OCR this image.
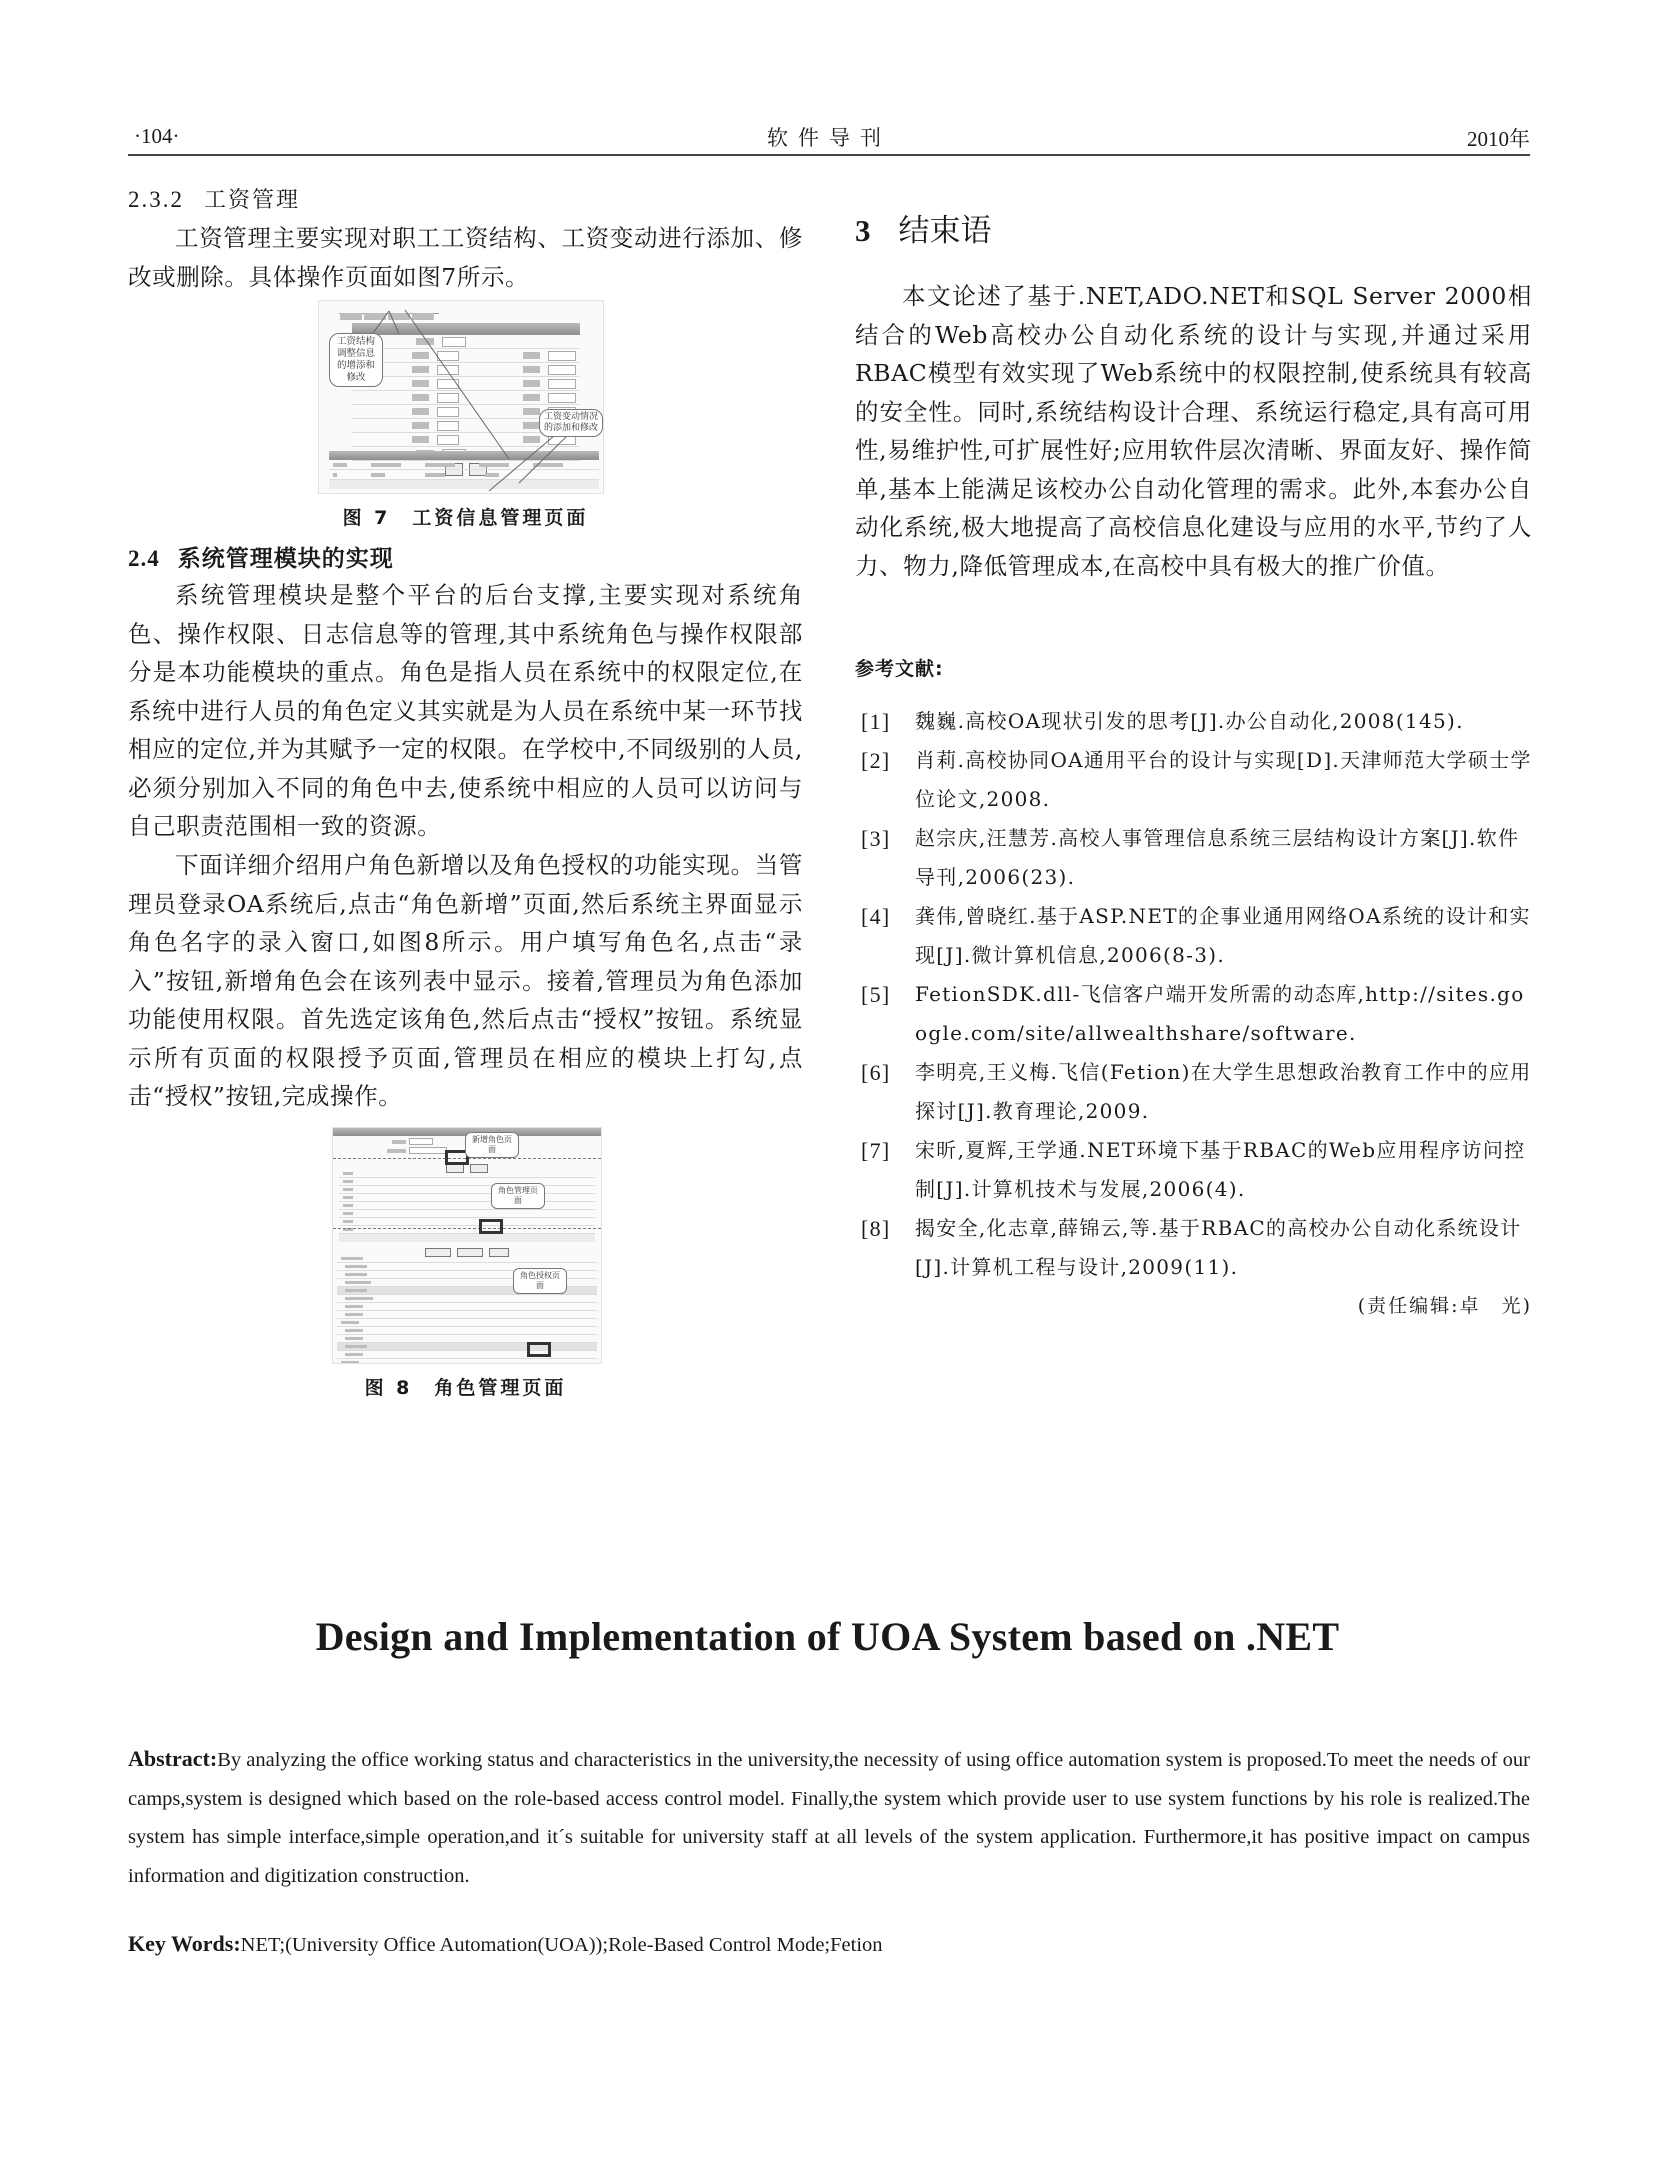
·104·	软件导刊	2010年
2.3.2 工资管理
工资管理主要实现对职工工资结构、工资变动进行添加、修改或删除。具体操作页面如图7所示。
工资结构调整信息的增添和修改
工资变动情况的添加和修改
图 7 工资信息管理页面
2.4 系统管理模块的实现
系统管理模块是整个平台的后台支撑,主要实现对系统角色、操作权限、日志信息等的管理,其中系统角色与操作权限部分是本功能模块的重点。角色是指人员在系统中的权限定位,在系统中进行人员的角色定义其实就是为人员在系统中某一环节找相应的定位,并为其赋予一定的权限。在学校中,不同级别的人员,必须分别加入不同的角色中去,使系统中相应的人员可以访问与自己职责范围相一致的资源。
下面详细介绍用户角色新增以及角色授权的功能实现。当管理员登录OA系统后,点击“角色新增”页面,然后系统主界面显示角色名字的录入窗口,如图8所示。用户填写角色名,点击“录入”按钮,新增角色会在该列表中显示。接着,管理员为角色添加功能使用权限。首先选定该角色,然后点击“授权”按钮。系统显示所有页面的权限授予页面,管理员在相应的模块上打勾,点击“授权”按钮,完成操作。
新增角色页面
角色管理页面
角色授权页面
图 8 角色管理页面
3 结束语
本文论述了基于.NET,ADO.NET和SQL Server 2000相结合的Web高校办公自动化系统的设计与实现,并通过采用RBAC模型有效实现了Web系统中的权限控制,使系统具有较高的安全性。同时,系统结构设计合理、系统运行稳定,具有高可用性,易维护性,可扩展性好;应用软件层次清晰、界面友好、操作简单,基本上能满足该校办公自动化管理的需求。此外,本套办公自动化系统,极大地提高了高校信息化建设与应用的水平,节约了人力、物力,降低管理成本,在高校中具有极大的推广价值。
参考文献:
[1] 魏巍.高校OA现状引发的思考[J].办公自动化,2008(145).
[2] 肖莉.高校协同OA通用平台的设计与实现[D].天津师范大学硕士学位论文,2008.
[3] 赵宗庆,汪慧芳.高校人事管理信息系统三层结构设计方案[J].软件导刊,2006(23).
[4] 龚伟,曾晓红.基于ASP.NET的企事业通用网络OA系统的设计和实现[J].微计算机信息,2006(8-3).
[5] FetionSDK.dll-飞信客户端开发所需的动态库,http://sites.google.com/site/allwealthshare/software.
[6] 李明亮,王义梅.飞信(Fetion)在大学生思想政治教育工作中的应用探讨[J].教育理论,2009.
[7] 宋昕,夏辉,王学通.NET环境下基于RBAC的Web应用程序访问控制[J].计算机技术与发展,2006(4).
[8] 揭安全,化志章,薛锦云,等.基于RBAC的高校办公自动化系统设计[J].计算机工程与设计,2009(11).
(责任编辑:卓　光)
Design and Implementation of UOA System based on .NET
Abstract:By analyzing the office working status and characteristics in the university,the necessity of using office automation system is proposed.To meet the needs of our camps,system is designed which based on the role-based access control model. Finally,the system which provide user to use system functions by his role is realized.The system has simple interface,simple operation,and it´s suitable for university staff at all levels of the system application. Furthermore,it has positive impact on campus information and digitization construction.
Key Words:NET;(University Office Automation(UOA));Role-Based Control Mode;Fetion
